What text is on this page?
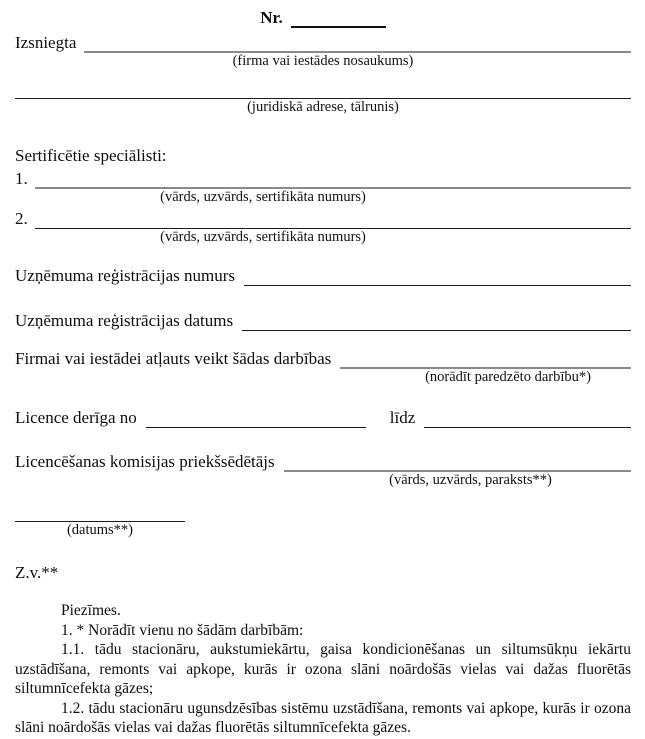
Nr.
Izsniegta
(firma vai iestādes nosaukums)
(juridiskā adrese, tālrunis)
Sertificētie speciālisti:
1.
(vārds, uzvārds, sertifikāta numurs)
2.
(vārds, uzvārds, sertifikāta numurs)
Uzņēmuma reģistrācijas numurs
Uzņēmuma reģistrācijas datums
Firmai vai iestādei atļauts veikt šādas darbības
(norādīt paredzēto darbību*)
Licence derīga no	līdz
Licencēšanas komisijas priekšsēdētājs
(vārds, uzvārds, paraksts**)
(datums**)
Z.v.**

Piezīmes.

1. * Norādīt vienu no šādām darbībām:

1.1. tādu stacionāru, aukstumiekārtu, gaisa kondicionēšanas un siltumsūkņu iekārtu uzstādīšana, remonts vai apkope, kurās ir ozona slāni noārdošās vielas vai dažas fluorētās siltumnīcefekta gāzes;

1.2. tādu stacionāru ugunsdzēsības sistēmu uzstādīšana, remonts vai apkope, kurās ir ozona slāni noārdošās vielas vai dažas fluorētās siltumnīcefekta gāzes.
